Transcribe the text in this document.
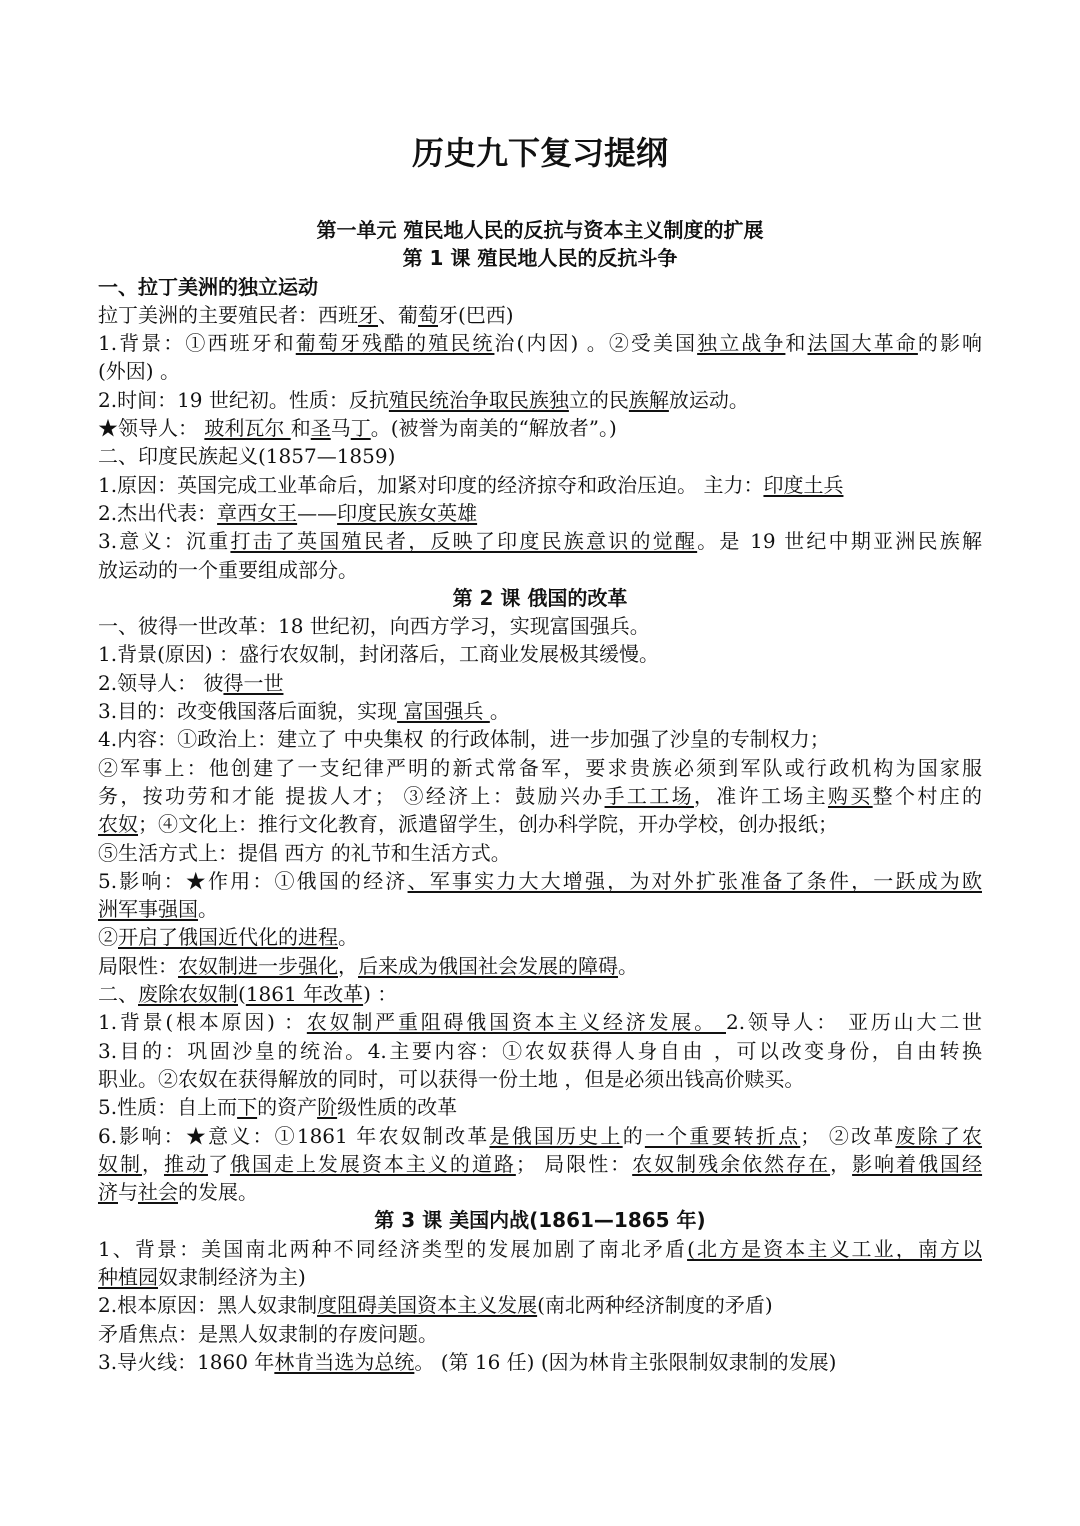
历史九下复习提纲
第一单元 殖民地人民的反抗与资本主义制度的扩展
第 1 课 殖民地人民的反抗斗争
一、拉丁美洲的独立运动
拉丁美洲的主要殖民者：西班牙、葡萄牙(巴西)
1.背景：①西班牙和葡萄牙残酷的殖民统治(内因) 。②受美国独立战争和法国大革命的影响
(外因) 。
2.时间：19 世纪初。性质：反抗殖民统治争取民族独立的民族解放运动。
★领导人： 玻利瓦尔 和圣马丁。(被誉为南美的“解放者”。)
二、印度民族起义(1857—1859)
1.原因：英国完成工业革命后，加紧对印度的经济掠夺和政治压迫。 主力：印度土兵
2.杰出代表：章西女王——印度民族女英雄
3.意义：沉重打击了英国殖民者，反映了印度民族意识的觉醒。是 19 世纪中期亚洲民族解
放运动的一个重要组成部分。
第 2 课 俄国的改革
一、彼得一世改革：18 世纪初，向西方学习，实现富国强兵。
1.背景(原因) ：盛行农奴制，封闭落后，工商业发展极其缓慢。
2.领导人： 彼得一世
3.目的：改变俄国落后面貌，实现 富国强兵 。
4.内容：①政治上：建立了 中央集权 的行政体制，进一步加强了沙皇的专制权力；
②军事上：他创建了一支纪律严明的新式常备军，要求贵族必须到军队或行政机构为国家服
务，按功劳和才能 提拔人才； ③经济上：鼓励兴办手工工场，准许工场主购买整个村庄的
农奴；④文化上：推行文化教育，派遣留学生，创办科学院，开办学校，创办报纸；
⑤生活方式上：提倡 西方 的礼节和生活方式。
5.影响：★作用：①俄国的经济、军事实力大大增强，为对外扩张准备了条件，一跃成为欧
洲军事强国。
②开启了俄国近代化的进程。
局限性：农奴制进一步强化，后来成为俄国社会发展的障碍。
二、废除农奴制(1861 年改革) ：
1.背景(根本原因) ：农奴制严重阻碍俄国资本主义经济发展。 2.领导人： 亚历山大二世
3.目的：巩固沙皇的统治。4.主要内容：①农奴获得人身自由 ，可以改变身份，自由转换
职业。②农奴在获得解放的同时，可以获得一份土地 ，但是必须出钱高价赎买。
5.性质：自上而下的资产阶级性质的改革
6.影响：★意义：①1861 年农奴制改革是俄国历史上的一个重要转折点； ②改革废除了农
奴制，推动了俄国走上发展资本主义的道路； 局限性：农奴制残余依然存在，影响着俄国经
济与社会的发展。
第 3 课 美国内战(1861—1865 年)
1、背景：美国南北两种不同经济类型的发展加剧了南北矛盾(北方是资本主义工业，南方以
种植园奴隶制经济为主)
2.根本原因：黑人奴隶制度阻碍美国资本主义发展(南北两种经济制度的矛盾)
矛盾焦点：是黑人奴隶制的存废问题。
3.导火线：1860 年林肯当选为总统。 (第 16 任) (因为林肯主张限制奴隶制的发展)
